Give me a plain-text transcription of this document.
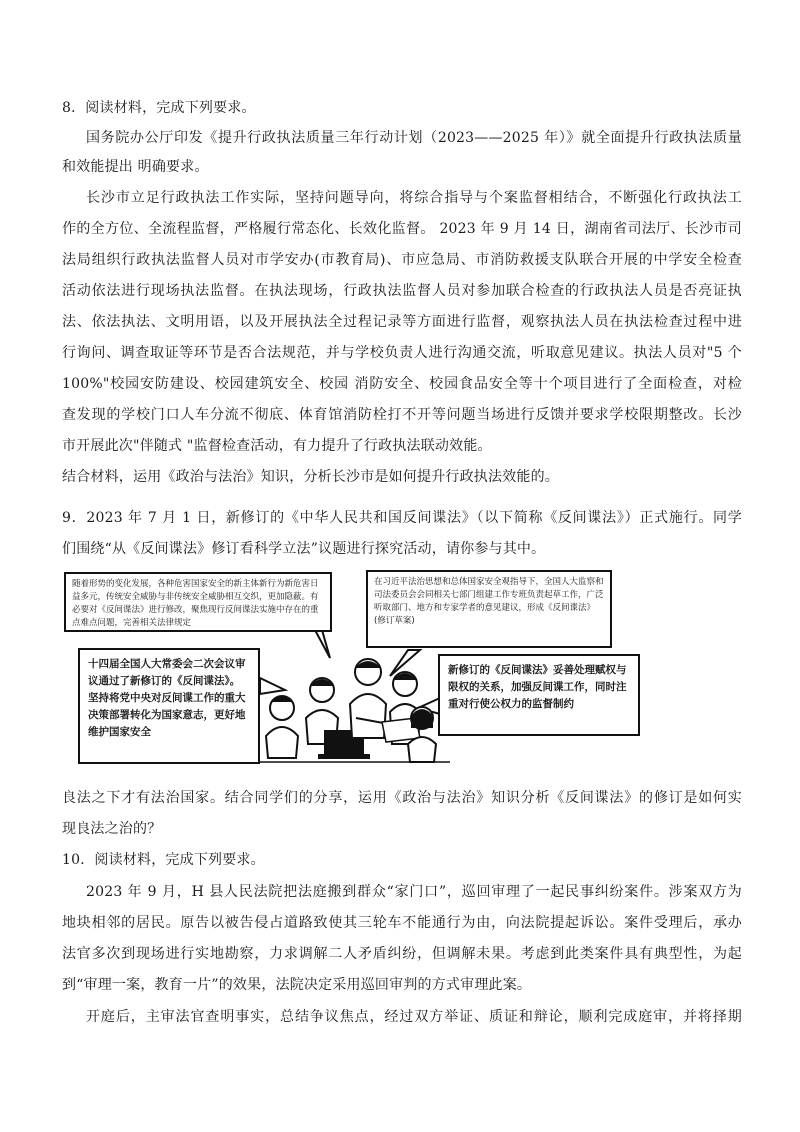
8．阅读材料，完成下列要求。
国务院办公厅印发《提升行政执法质量三年行动计划（2023——2025 年）》就全面提升行政执法质量
和效能提出 明确要求。
长沙市立足行政执法工作实际，坚持问题导向，将综合指导与个案监督相结合，不断强化行政执法工
作的全方位、全流程监督，严格履行常态化、长效化监督。 2023 年 9 月 14 日，湖南省司法厅、长沙市司
法局组织行政执法监督人员对市学安办(市教育局)、市应急局、市消防救援支队联合开展的中学安全检查
活动依法进行现场执法监督。在执法现场，行政执法监督人员对参加联合检查的行政执法人员是否亮证执
法、依法执法、文明用语，以及开展执法全过程记录等方面进行监督，观察执法人员在执法检查过程中进
行询问、调查取证等环节是否合法规范，并与学校负责人进行沟通交流，听取意见建议。执法人员对"5 个
100%"校园安防建设、校园建筑安全、校园 消防安全、校园食品安全等十个项目进行了全面检查，对检
查发现的学校门口人车分流不彻底、体育馆消防栓打不开等问题当场进行反馈并要求学校限期整改。长沙
市开展此次"伴随式 "监督检查活动，有力提升了行政执法联动效能。
结合材料，运用《政治与法治》知识，分析长沙市是如何提升行政执法效能的。
9．2023 年 7 月 1 日，新修订的《中华人民共和国反间谍法》（以下简称《反间谍法》）正式施行。同学
们围绕“从《反间谍法》修订看科学立法”议题进行探究活动，请你参与其中。
随着形势的变化发展，各种危害国家安全的新主体新行为新危害日益多元，传统安全威胁与非传统安全威胁相互交织，更加隐蔽。有必要对《反间谍法》进行修改，聚焦现行反间谍法实施中存在的重点难点问题，完善相关法律规定
在习近平法治思想和总体国家安全观指导下，全国人大监察和司法委员会会同相关七部门组建工作专班负责起草工作，广泛听取部门、地方和专家学者的意见建议，形成《反间谍法》(修订草案)
十四届全国人大常委会二次会议审议通过了新修订的《反间谍法》。坚持将党中央对反间谍工作的重大决策部署转化为国家意志，更好地维护国家安全
新修订的《反间谍法》妥善处理赋权与限权的关系，加强反间谍工作，同时注重对行使公权力的监督制约
良法之下才有法治国家。结合同学们的分享，运用《政治与法治》知识分析《反间谍法》的修订是如何实
现良法之治的？
10．阅读材料，完成下列要求。
2023 年 9 月，H 县人民法院把法庭搬到群众“家门口”，巡回审理了一起民事纠纷案件。涉案双方为
地块相邻的居民。原告以被告侵占道路致使其三轮车不能通行为由，向法院提起诉讼。案件受理后，承办
法官多次到现场进行实地勘察，力求调解二人矛盾纠纷，但调解未果。考虑到此类案件具有典型性，为起
到“审理一案，教育一片”的效果，法院决定采用巡回审判的方式审理此案。
开庭后，主审法官查明事实，总结争议焦点，经过双方举证、质证和辩论，顺利完成庭审，并将择期
